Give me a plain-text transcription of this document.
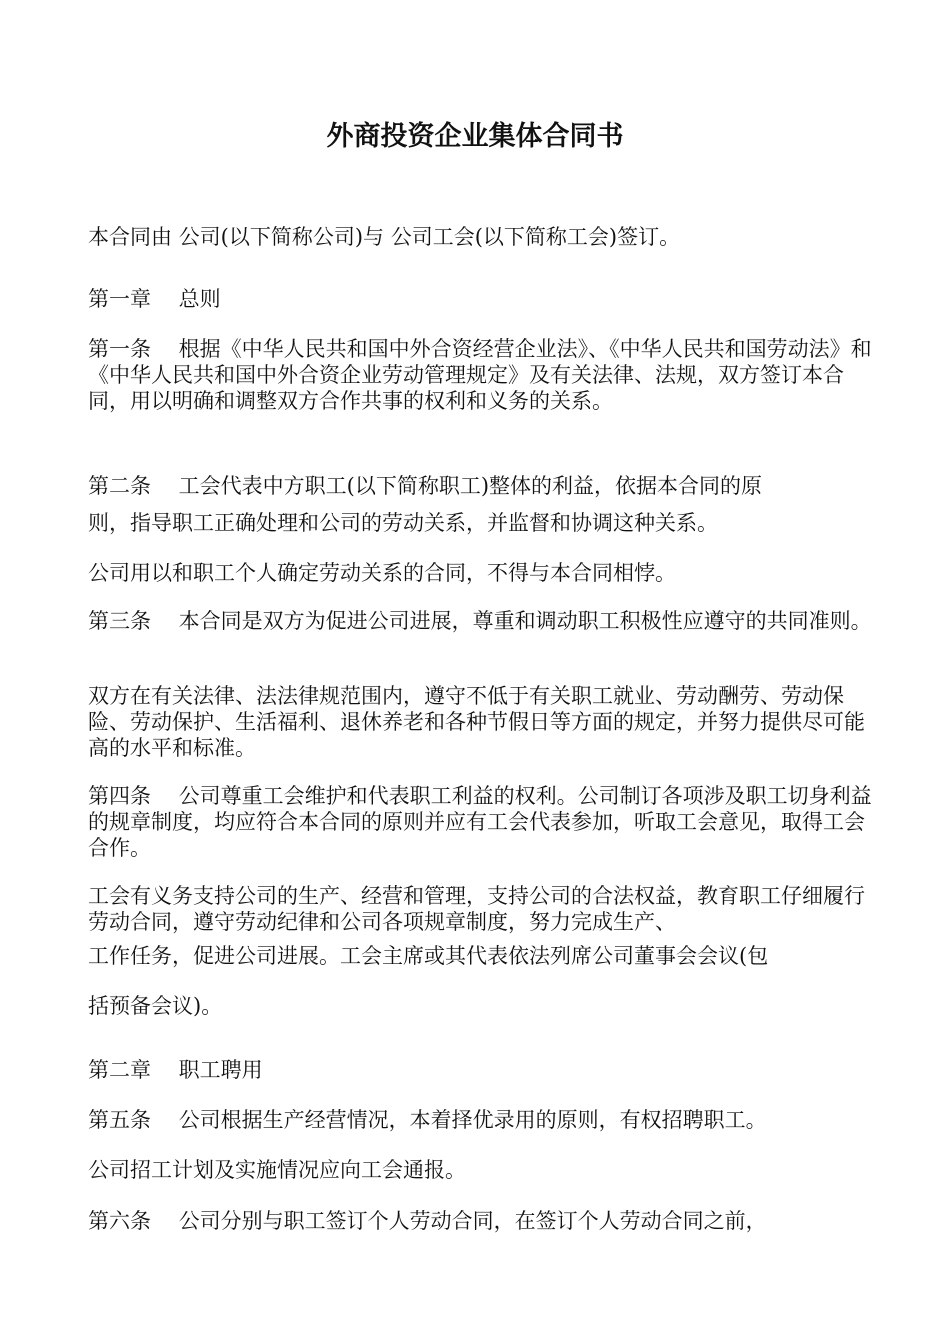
外商投资企业集体合同书
本合同由 公司(以下简称公司)与 公司工会(以下简称工会)签订。
第一章　 总则
第一条　 根据《中华人民共和国中外合资经营企业法》、《中华人民共和国劳动法》和《中华人民共和国中外合资企业劳动管理规定》及有关法律、法规，双方签订本合同，用以明确和调整双方合作共事的权利和义务的关系。
第二条　 工会代表中方职工(以下简称职工)整体的利益，依据本合同的原
则，指导职工正确处理和公司的劳动关系，并监督和协调这种关系。
公司用以和职工个人确定劳动关系的合同，不得与本合同相悖。
第三条　 本合同是双方为促进公司进展，尊重和调动职工积极性应遵守的共同准则。
双方在有关法律、法法律规范围内，遵守不低于有关职工就业、劳动酬劳、劳动保险、劳动保护、生活福利、退休养老和各种节假日等方面的规定，并努力提供尽可能高的水平和标准。
第四条　 公司尊重工会维护和代表职工利益的权利。公司制订各项涉及职工切身利益的规章制度，均应符合本合同的原则并应有工会代表参加，听取工会意见，取得工会合作。
工会有义务支持公司的生产、经营和管理，支持公司的合法权益，教育职工仔细履行劳动合同，遵守劳动纪律和公司各项规章制度，努力完成生产、
工作任务，促进公司进展。工会主席或其代表依法列席公司董事会会议(包
括预备会议)。
第二章　 职工聘用
第五条　 公司根据生产经营情况，本着择优录用的原则，有权招聘职工。
公司招工计划及实施情况应向工会通报。
第六条　 公司分别与职工签订个人劳动合同，在签订个人劳动合同之前，
